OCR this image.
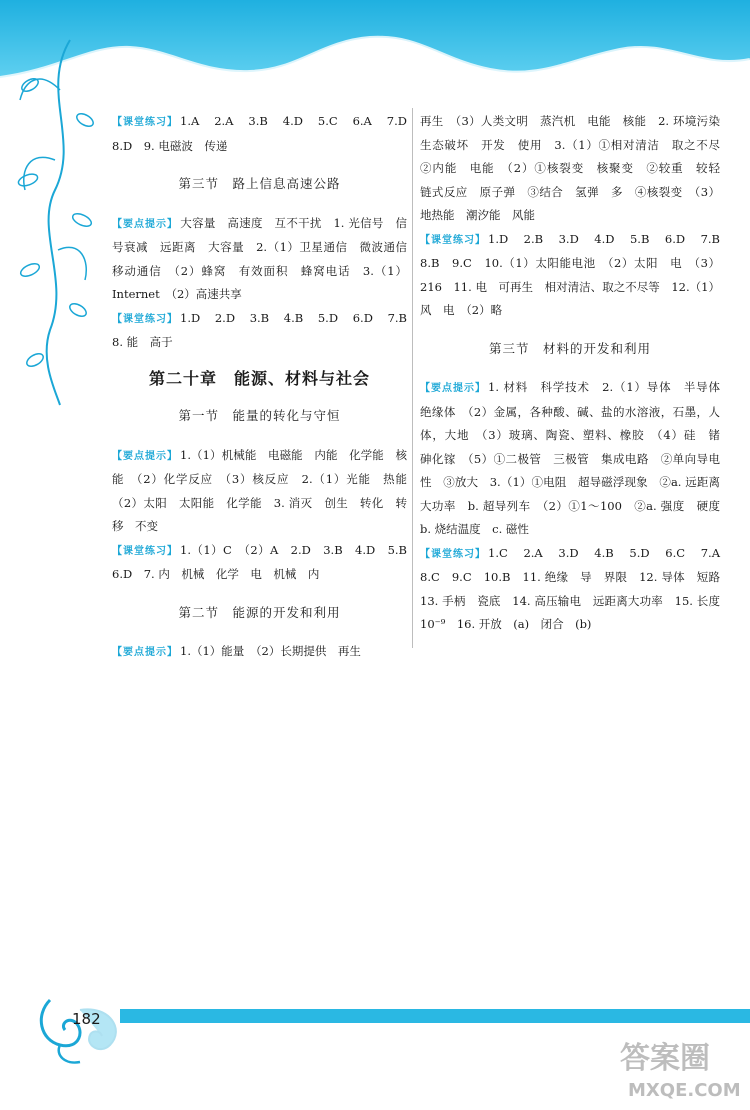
【课堂练习】 1.A　2.A　3.B　4.D　5.C　6.A　7.D　8.D　9. 电磁波　传递

第三节　路上信息高速公路

【要点提示】 大容量　高速度　互不干扰　1. 光信号　信号衰减　远距离　大容量　2.（1）卫星通信　微波通信　移动通信　（2）蜂窝　有效面积　蜂窝电话　3.（1）Internet　（2）高速共享

【课堂练习】 1.D　2.D　3.B　4.B　5.D　6.D　7.B　8. 能　高于

第二十章　能源、材料与社会
第一节　能量的转化与守恒

【要点提示】 1.（1）机械能　电磁能　内能　化学能　核能　（2）化学反应　（3）核反应　2.（1）光能　热能　（2）太阳　太阳能　化学能　3. 消灭　创生　转化　转移　不变

【课堂练习】 1.（1）C　（2）A　2.D　3.B　4.D　5.B　6.D　7. 内　机械　化学　电　机械　内

第二节　能源的开发和利用

【要点提示】 1.（1）能量　（2）长期提供　再生

再生　（3）人类文明　蒸汽机　电能　核能　2. 环境污染　生态破坏　开发　使用　3.（1）①相对清洁　取之不尽　②内能　电能　（2）①核裂变　核聚变　②较重　较轻　链式反应　原子弹　③结合　氢弹　多　④核裂变　（3）地热能　潮汐能　风能

【课堂练习】 1.D　2.B　3.D　4.D　5.B　6.D　7.B　8.B　9.C　10.（1）太阳能电池　（2）太阳　电　（3）216　11. 电　可再生　相对清洁、取之不尽等　12.（1）风　电　（2）略

第三节　材料的开发和利用

【要点提示】 1. 材料　科学技术　2.（1）导体　半导体　绝缘体　（2）金属，各种酸、碱、盐的水溶液，石墨，人体，大地　（3）玻璃、陶瓷、塑料、橡胶　（4）硅　锗　砷化镓　（5）①二极管　三极管　集成电路　②单向导电性　③放大　3.（1）①电阻　超导磁浮现象　②a. 远距离大功率　b. 超导列车　（2）①1～100　②a. 强度　硬度　b. 烧结温度　c. 磁性

【课堂练习】 1.C　2.A　3.D　4.B　5.D　6.C　7.A　8.C　9.C　10.B　11. 绝缘　导　界限　12. 导体　短路　13. 手柄　瓷底　14. 高压输电　远距离大功率　15. 长度　10⁻⁹　16. 开放　(a)　闭合　(b)

182
答案圈
MXQE.COM
